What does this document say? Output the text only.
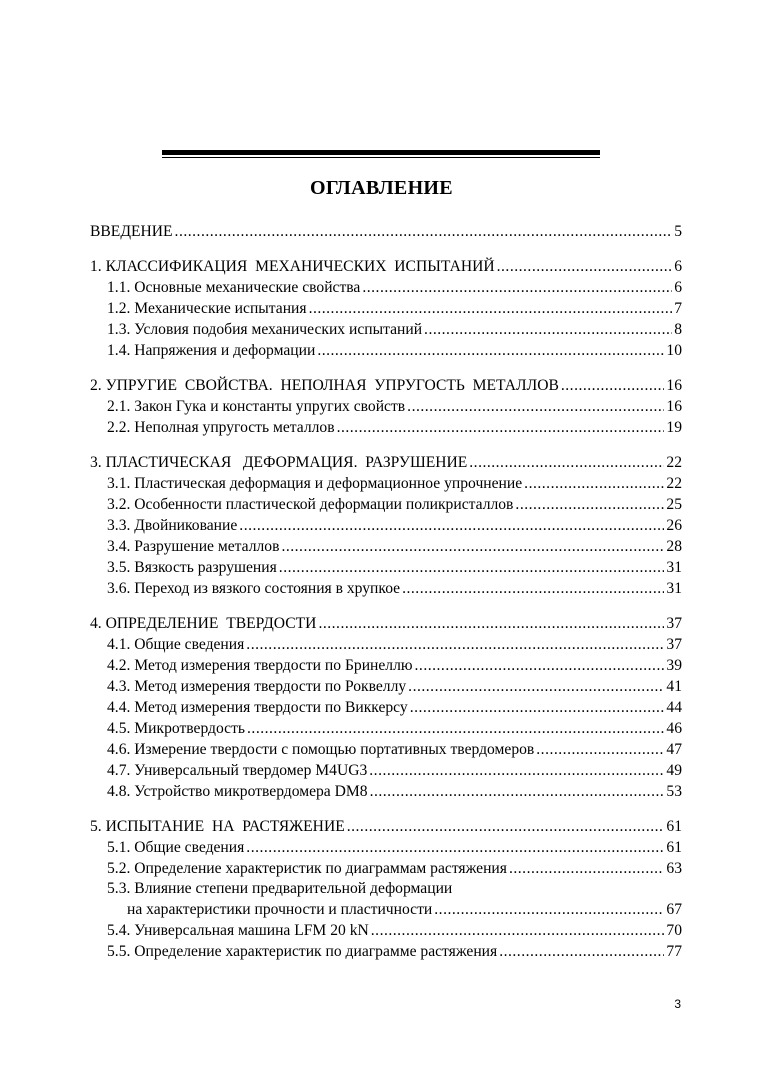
ОГЛАВЛЕНИЕ
ВВЕДЕНИЕ .....	5
1. КЛАССИФИКАЦИЯ  МЕХАНИЧЕСКИХ  ИСПЫТАНИЙ .....	6
1.1. Основные механические свойства .....	6
1.2. Механические испытания .....	7
1.3. Условия подобия механических испытаний .....	8
1.4. Напряжения и деформации .....	10
2. УПРУГИЕ  СВОЙСТВА.  НЕПОЛНАЯ  УПРУГОСТЬ  МЕТАЛЛОВ .....	16
2.1. Закон Гука и константы упругих свойств .....	16
2.2. Неполная упругость металлов .....	19
3. ПЛАСТИЧЕСКАЯ   ДЕФОРМАЦИЯ.  РАЗРУШЕНИЕ .....	22
3.1. Пластическая деформация и деформационное упрочнение .....	22
3.2. Особенности пластической деформации поликристаллов .....	25
3.3. Двойникование .....	26
3.4. Разрушение металлов .....	28
3.5. Вязкость разрушения .....	31
3.6. Переход из вязкого состояния в хрупкое .....	31
4. ОПРЕДЕЛЕНИЕ  ТВЕРДОСТИ .....	37
4.1. Общие сведения .....	37
4.2. Метод измерения твердости по Бринеллю .....	39
4.3. Метод измерения твердости по Роквеллу .....	41
4.4. Метод измерения твердости по Виккерсу .....	44
4.5. Микротвердость .....	46
4.6. Измерение твердости с помощью портативных твердомеров .....	47
4.7. Универсальный твердомер M4UG3 .....	49
4.8. Устройство микротвердомера DM8 .....	53
5. ИСПЫТАНИЕ  НА  РАСТЯЖЕНИЕ .....	61
5.1. Общие сведения .....	61
5.2. Определение характеристик по диаграммам растяжения .....	63
5.3. Влияние степени предварительной деформации
на характеристики прочности и пластичности .....	67
5.4. Универсальная машина LFM 20 kN .....	70
5.5. Определение характеристик по диаграмме растяжения .....	77
3
